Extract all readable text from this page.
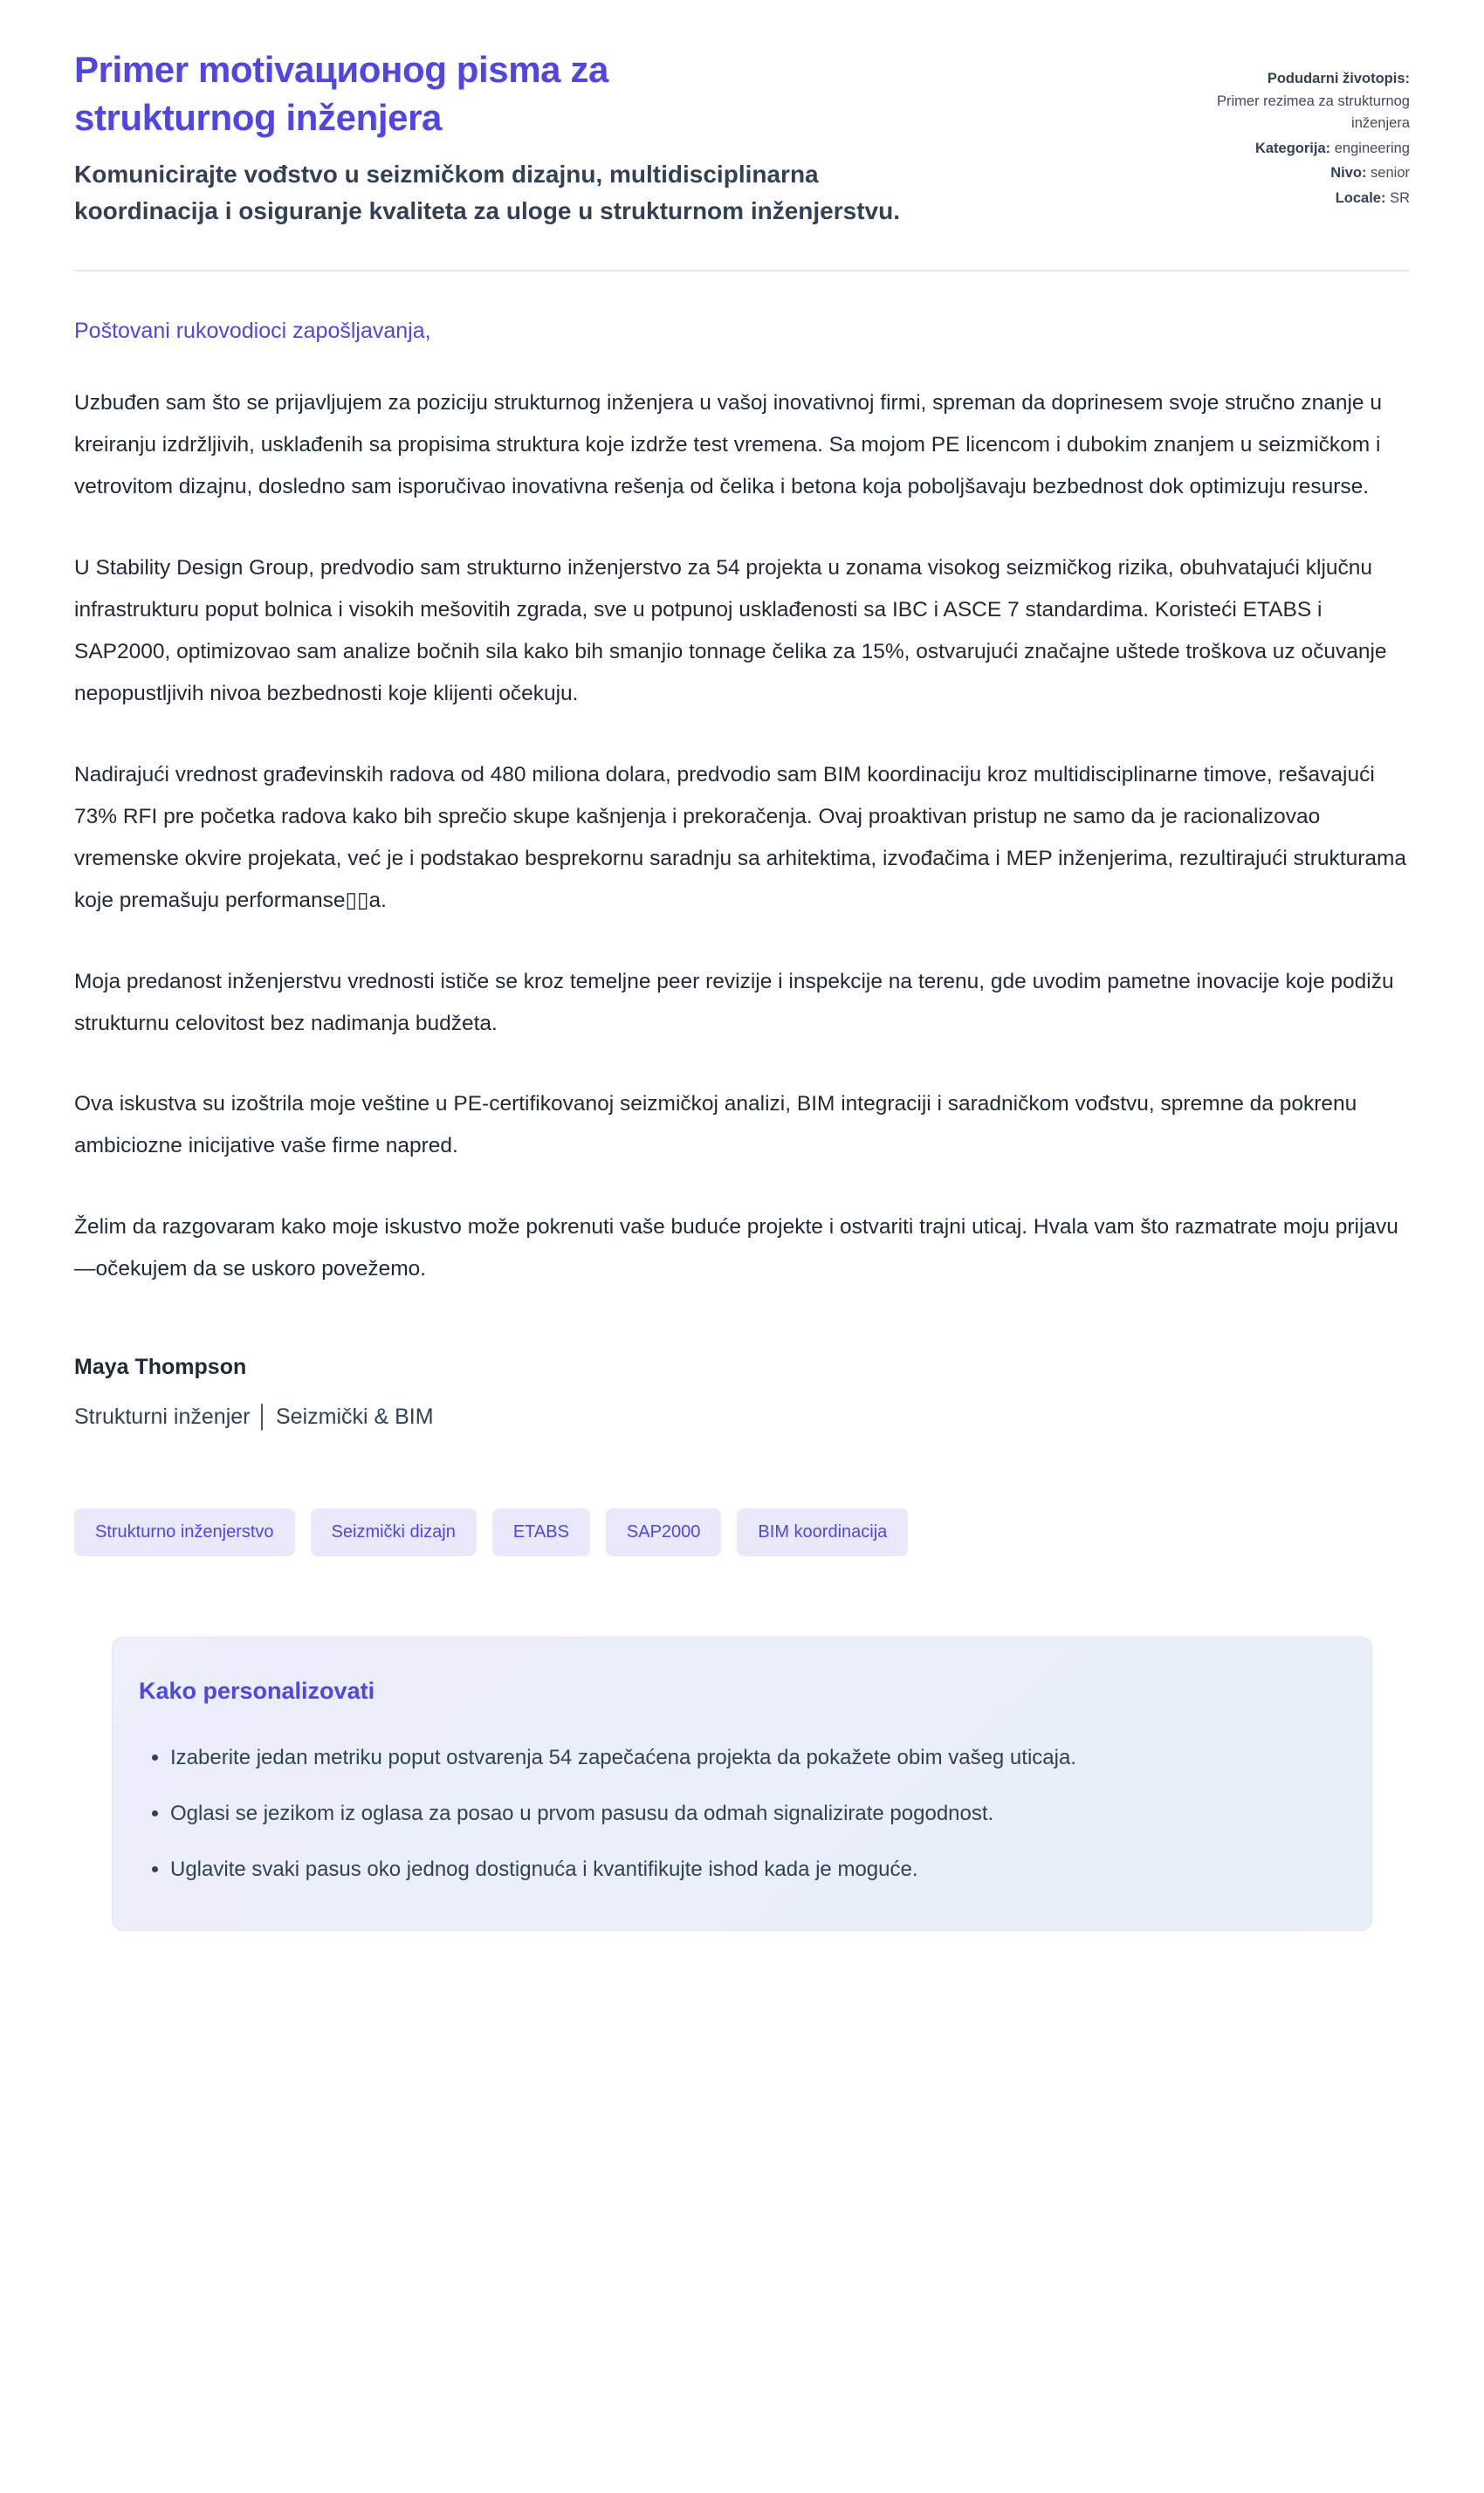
Primer motivaционog pisma za strukturnog inženjera

Komunicirajte vođstvo u seizmičkom dizajnu, multidisciplinarna koordinacija i osiguranje kvaliteta za uloge u strukturnom inženjerstvu.

Podudarni životopis:
Primer rezimea za strukturnog inženjera
Kategorija: engineering
Nivo: senior
Locale: SR

Poštovani rukovodioci zapošljavanja,

Uzbuđen sam što se prijavljujem za poziciju strukturnog inženjera u vašoj inovativnoj firmi, spreman da doprinesem svoje stručno znanje u kreiranju izdržljivih, usklađenih sa propisima struktura koje izdrže test vremena. Sa mojom PE licencom i dubokim znanjem u seizmičkom i vetrovitom dizajnu, dosledno sam isporučivao inovativna rešenja od čelika i betona koja poboljšavaju bezbednost dok optimizuju resurse.

U Stability Design Group, predvodio sam strukturno inženjerstvo za 54 projekta u zonama visokog seizmičkog rizika, obuhvatajući ključnu infrastrukturu poput bolnica i visokih mešovitih zgrada, sve u potpunoj usklađenosti sa IBC i ASCE 7 standardima. Koristeći ETABS i SAP2000, optimizovao sam analize bočnih sila kako bih smanjio tonnage čelika za 15%, ostvarujući značajne uštede troškova uz očuvanje nepopustljivih nivoa bezbednosti koje klijenti očekuju.

Nadirajući vrednost građevinskih radova od 480 miliona dolara, predvodio sam BIM koordinaciju kroz multidisciplinarne timove, rešavajući 73% RFI pre početka radova kako bih sprečio skupe kašnjenja i prekoračenja. Ovaj proaktivan pristup ne samo da je racionalizovao vremenske okvire projekata, već je i podstakao besprekornu saradnju sa arhitektima, izvođačima i MEP inženjerima, rezultirajući strukturama koje premašuju performanse▯▯a.

Moja predanost inženjerstvu vrednosti ističe se kroz temeljne peer revizije i inspekcije na terenu, gde uvodim pametne inovacije koje podižu strukturnu celovitost bez nadimanja budžeta.

Ova iskustva su izoštrila moje veštine u PE-certifikovanoj seizmičkoj analizi, BIM integraciji i saradničkom vođstvu, spremne da pokrenu ambiciozne inicijative vaše firme napred.

Želim da razgovaram kako moje iskustvo može pokrenuti vaše buduće projekte i ostvariti trajni uticaj. Hvala vam što razmatrate moju prijavu—očekujem da se uskoro povežemo.

Maya Thompson

Strukturni inženjer │ Seizmički & BIM

Strukturno inženjerstvo	Seizmički dizajn	ETABS	SAP2000	BIM koordinacija
Kako personalizovati
• Izaberite jedan metriku poput ostvarenja 54 zapečaćena projekta da pokažete obim vašeg uticaja.
• Oglasi se jezikom iz oglasa za posao u prvom pasusu da odmah signalizirate pogodnost.
• Uglavite svaki pasus oko jednog dostignuća i kvantifikujte ishod kada je moguće.
